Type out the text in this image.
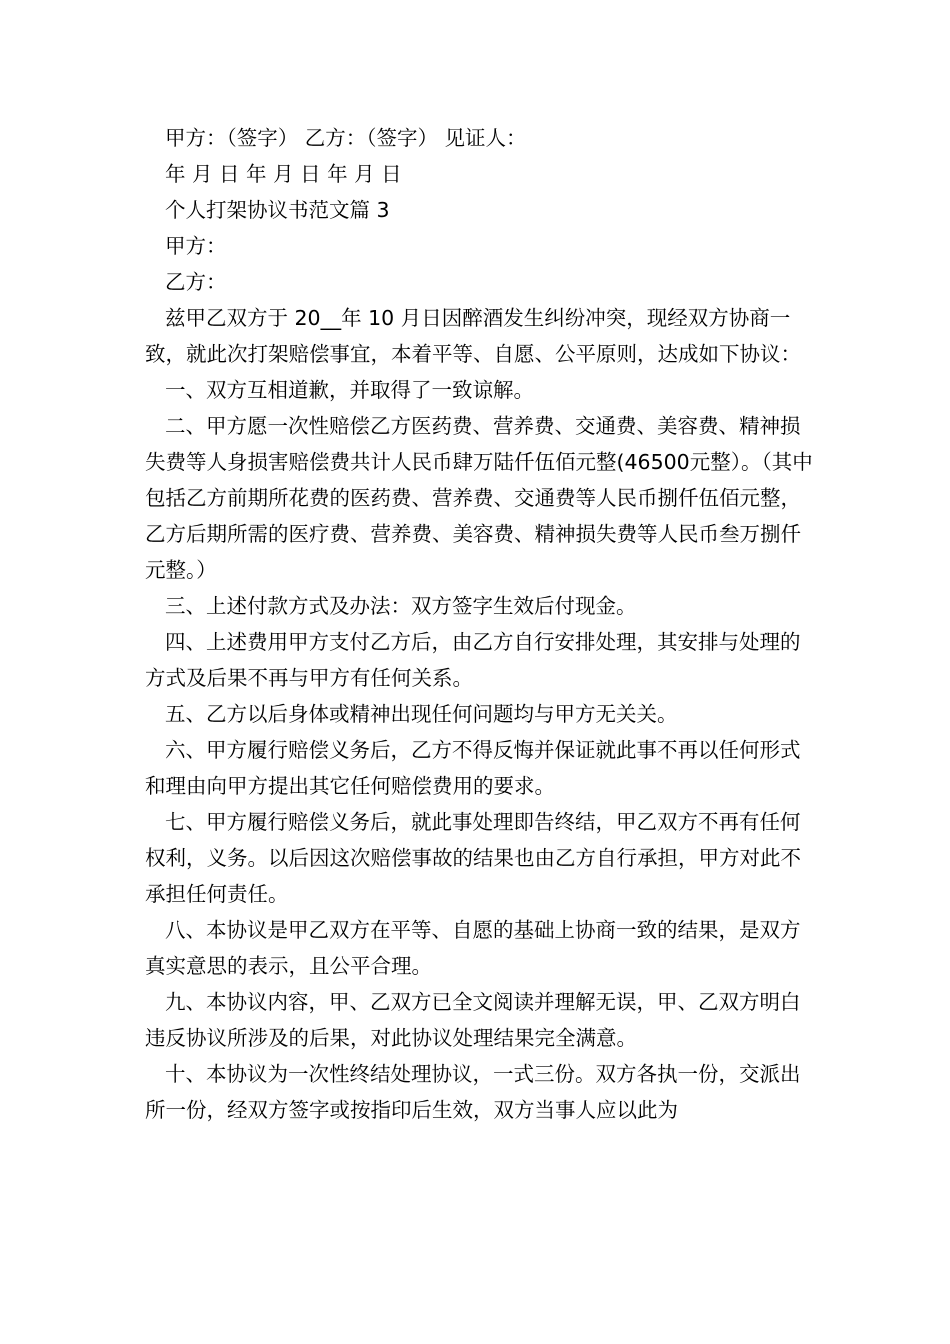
甲方：（签字） 乙方：（签字） 见证人：

年 月 日 年 月 日 年 月 日

个人打架协议书范文篇 3

甲方：

乙方：

兹甲乙双方于 20__年 10 月日因醉酒发生纠纷冲突，现经双方协商一致，就此次打架赔偿事宜，本着平等、自愿、公平原则，达成如下协议：

一、双方互相道歉，并取得了一致谅解。

二、甲方愿一次性赔偿乙方医药费、营养费、交通费、美容费、精神损失费等人身损害赔偿费共计人民币肆万陆仟伍佰元整(46500元整）。（其中包括乙方前期所花费的医药费、营养费、交通费等人民币捌仟伍佰元整，乙方后期所需的医疗费、营养费、美容费、精神损失费等人民币叁万捌仟元整。）

三、上述付款方式及办法：双方签字生效后付现金。

四、上述费用甲方支付乙方后，由乙方自行安排处理，其安排与处理的方式及后果不再与甲方有任何关系。

五、乙方以后身体或精神出现任何问题均与甲方无关关。

六、甲方履行赔偿义务后，乙方不得反悔并保证就此事不再以任何形式和理由向甲方提出其它任何赔偿费用的要求。

七、甲方履行赔偿义务后，就此事处理即告终结，甲乙双方不再有任何权利，义务。以后因这次赔偿事故的结果也由乙方自行承担，甲方对此不承担任何责任。

八、本协议是甲乙双方在平等、自愿的基础上协商一致的结果，是双方真实意思的表示，且公平合理。

九、本协议内容，甲、乙双方已全文阅读并理解无误，甲、乙双方明白违反协议所涉及的后果，对此协议处理结果完全满意。

十、本协议为一次性终结处理协议，一式三份。双方各执一份，交派出所一份，经双方签字或按指印后生效，双方当事人应以此为
